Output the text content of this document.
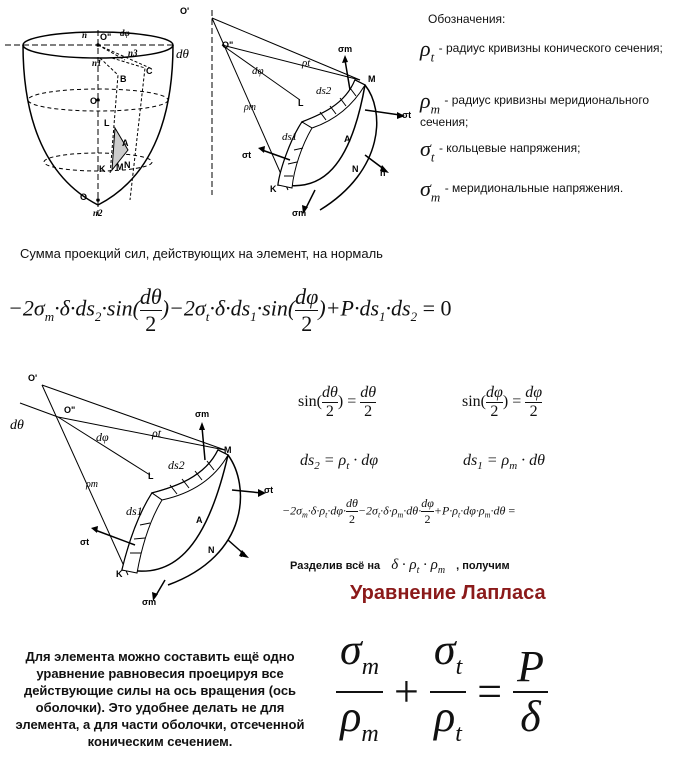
n O" dφ
n3
n1
C
B
O'
L
A
K M N
O
n2
O'
O"
dθ
dφ
ρt
ρm
σm
M
L
ds2
ds1
σt
A
N n
σt
K
σm
Обозначения:
$\rho_t$ $^{- радиус кривизны конического сечения;}$
$\rho_m$ $^{- радиус кривизны меридионального сечения;}$
$\sigma_t$ $^{- кольцевые напряжения;}$
$\sigma_m$ $^{- меридиональные напряжения.}$
Сумма проекций сил, действующих на элемент, на нормаль
$-2\sigma_m\cdot\delta\cdot ds_2\cdot\sin( \frac{d\theta}{2} )-2\sigma_t\cdot\delta\cdot ds_1\cdot\sin( \frac{d\varphi}{2} )+P\cdot ds_1\cdot ds_2 = 0$
O'
O"
dθ
dφ	ρt
ρm
σm
M
L
ds2
ds1
σt
A
N	n
σt
K
σm
$\sin( \frac{d\theta}{2}$ ) = $\frac{d\theta}{2}$	$\sin( \frac{d\varphi}{2}$ ) = $\frac{d\varphi}{2}$
$ds_2 = \rho_t \cdot d\varphi$	$ds_1 = \rho_m \cdot d\theta$
$-2\sigma_m\cdot\delta\cdot\rho_t\cdot d\varphi\cdot \frac{d\theta}{2} -2\sigma_t\cdot\delta\cdot\rho_m\cdot d\theta\cdot \frac{d\varphi}{2} +P\cdot\rho_t\cdot d\varphi\cdot\rho_m\cdot d\theta$ =
Разделив всё на $\delta \cdot \rho_t \cdot \rho_m$ , получим
Уравнение Лапласа
$\frac{\sigma_m}{\rho_m} + \frac{\sigma_t}{\rho_t} = \frac{P}{\delta}$
Для элемента можно составить ещё одно уравнение равновесия проецируя все действующие силы на ось вращения (ось оболочки). Это удобнее делать не для элемента, а для части оболочки, отсеченной коническим сечением.
